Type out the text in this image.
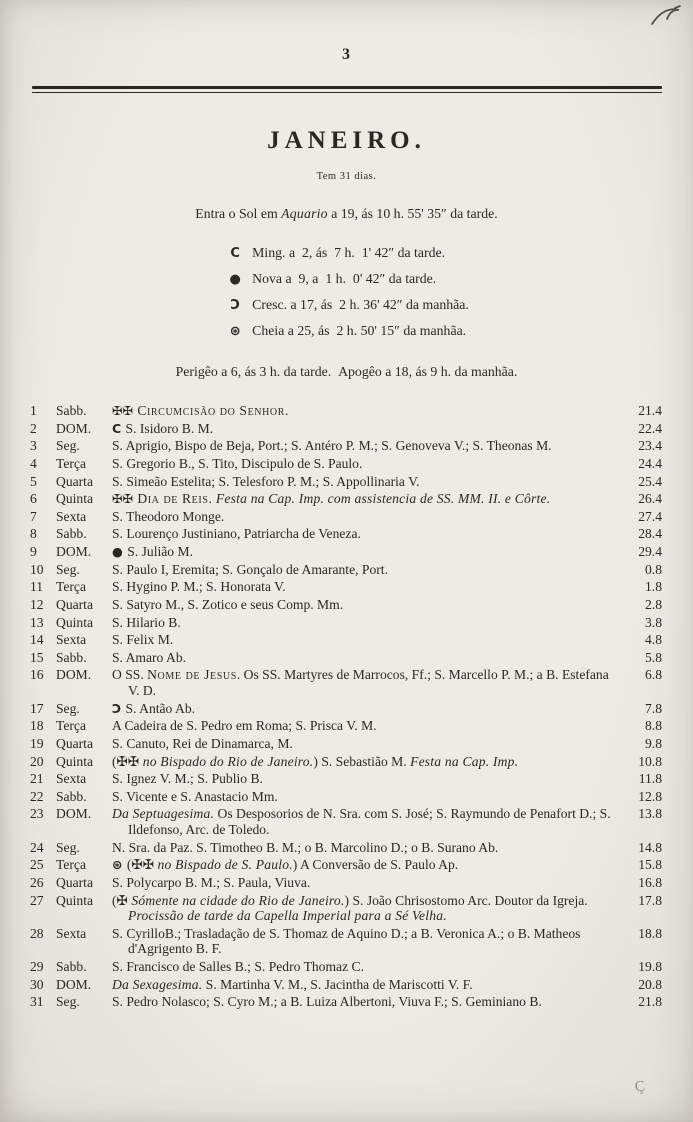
3
JANEIRO.
Tem 31 dias.

Entra o Sol em Aquario a 19, ás 10 h. 55' 35″ da tarde.

C Ming. a  2, ás  7 h.  1' 42″ da tarde.
● Nova a  9, a  1 h.  0' 42″ da tarde.
Ɔ Cresc. a 17, ás  2 h. 36' 42″ da manhãa.
⊛ Cheia a 25, ás  2 h. 50' 15″ da manhãa.

Perigêo a 6, ás 3 h. da tarde.  Apogêo a 18, ás 9 h. da manhãa.

1	Sabb.	✠✠ Circumcisão do Senhor.	21.4
2	DOM.	C S. Isidoro B. M.	22.4
3	Seg.	S. Aprigio, Bispo de Beja, Port.; S. Antéro P. M.; S. Genoveva V.; S. Theonas M.	23.4
4	Terça	S. Gregorio B., S. Tito, Discipulo de S. Paulo.	24.4
5	Quarta	S. Simeão Estelita; S. Telesforo P. M.; S. Appollinaria V.	25.4
6	Quinta	✠✠ Dia de Reis. Festa na Cap. Imp. com assistencia de SS. MM. II. e Côrte.	26.4
7	Sexta	S. Theodoro Monge.	27.4
8	Sabb.	S. Lourenço Justiniano, Patriarcha de Veneza.	28.4
9	DOM.	● S. Julião M.	29.4
10	Seg.	S. Paulo I, Eremita; S. Gonçalo de Amarante, Port.	0.8
11	Terça	S. Hygino P. M.; S. Honorata V.	1.8
12	Quarta	S. Satyro M., S. Zotico e seus Comp. Mm.	2.8
13	Quinta	S. Hilario B.	3.8
14	Sexta	S. Felix M.	4.8
15	Sabb.	S. Amaro Ab.	5.8
16	DOM.	O SS. Nome de Jesus. Os SS. Martyres de Marrocos, Ff.; S. Marcello P. M.; a B. Estefana V. D.	6.8
17	Seg.	Ɔ S. Antão Ab.	7.8
18	Terça	A Cadeira de S. Pedro em Roma; S. Prisca V. M.	8.8
19	Quarta	S. Canuto, Rei de Dinamarca, M.	9.8
20	Quinta	(✠✠ no Bispado do Rio de Janeiro.) S. Sebastião M. Festa na Cap. Imp.	10.8
21	Sexta	S. Ignez V. M.; S. Publio B.	11.8
22	Sabb.	S. Vicente e S. Anastacio Mm.	12.8
23	DOM.	Da Septuagesima. Os Desposorios de N. Sra. com S. José; S. Raymundo de Penafort D.; S. Ildefonso, Arc. de Toledo.	13.8
24	Seg.	N. Sra. da Paz. S. Timotheo B. M.; o B. Marcolino D.; o B. Surano Ab.	14.8
25	Terça	⊛ (✠✠ no Bispado de S. Paulo.) A Conversão de S. Paulo Ap.	15.8
26	Quarta	S. Polycarpo B. M.; S. Paula, Viuva.	16.8
27	Quinta	(✠ Sómente na cidade do Rio de Janeiro.) S. João Chrisostomo Arc. Doutor da Igreja. Procissão de tarde da Capella Imperial para a Sé Velha.	17.8
28	Sexta	S. CyrilloB.; Trasladação de S. Thomaz de Aquino D.; a B. Veronica A.; o B. Matheos d'Agrigento B. F.	18.8
29	Sabb.	S. Francisco de Salles B.; S. Pedro Thomaz C.	19.8
30	DOM.	Da Sexagesima. S. Martinha V. M., S. Jacintha de Mariscotti V. F.	20.8
31	Seg.	S. Pedro Nolasco; S. Cyro M.; a B. Luiza Albertoni, Viuva F.; S. Geminiano B.	21.8
Ç
